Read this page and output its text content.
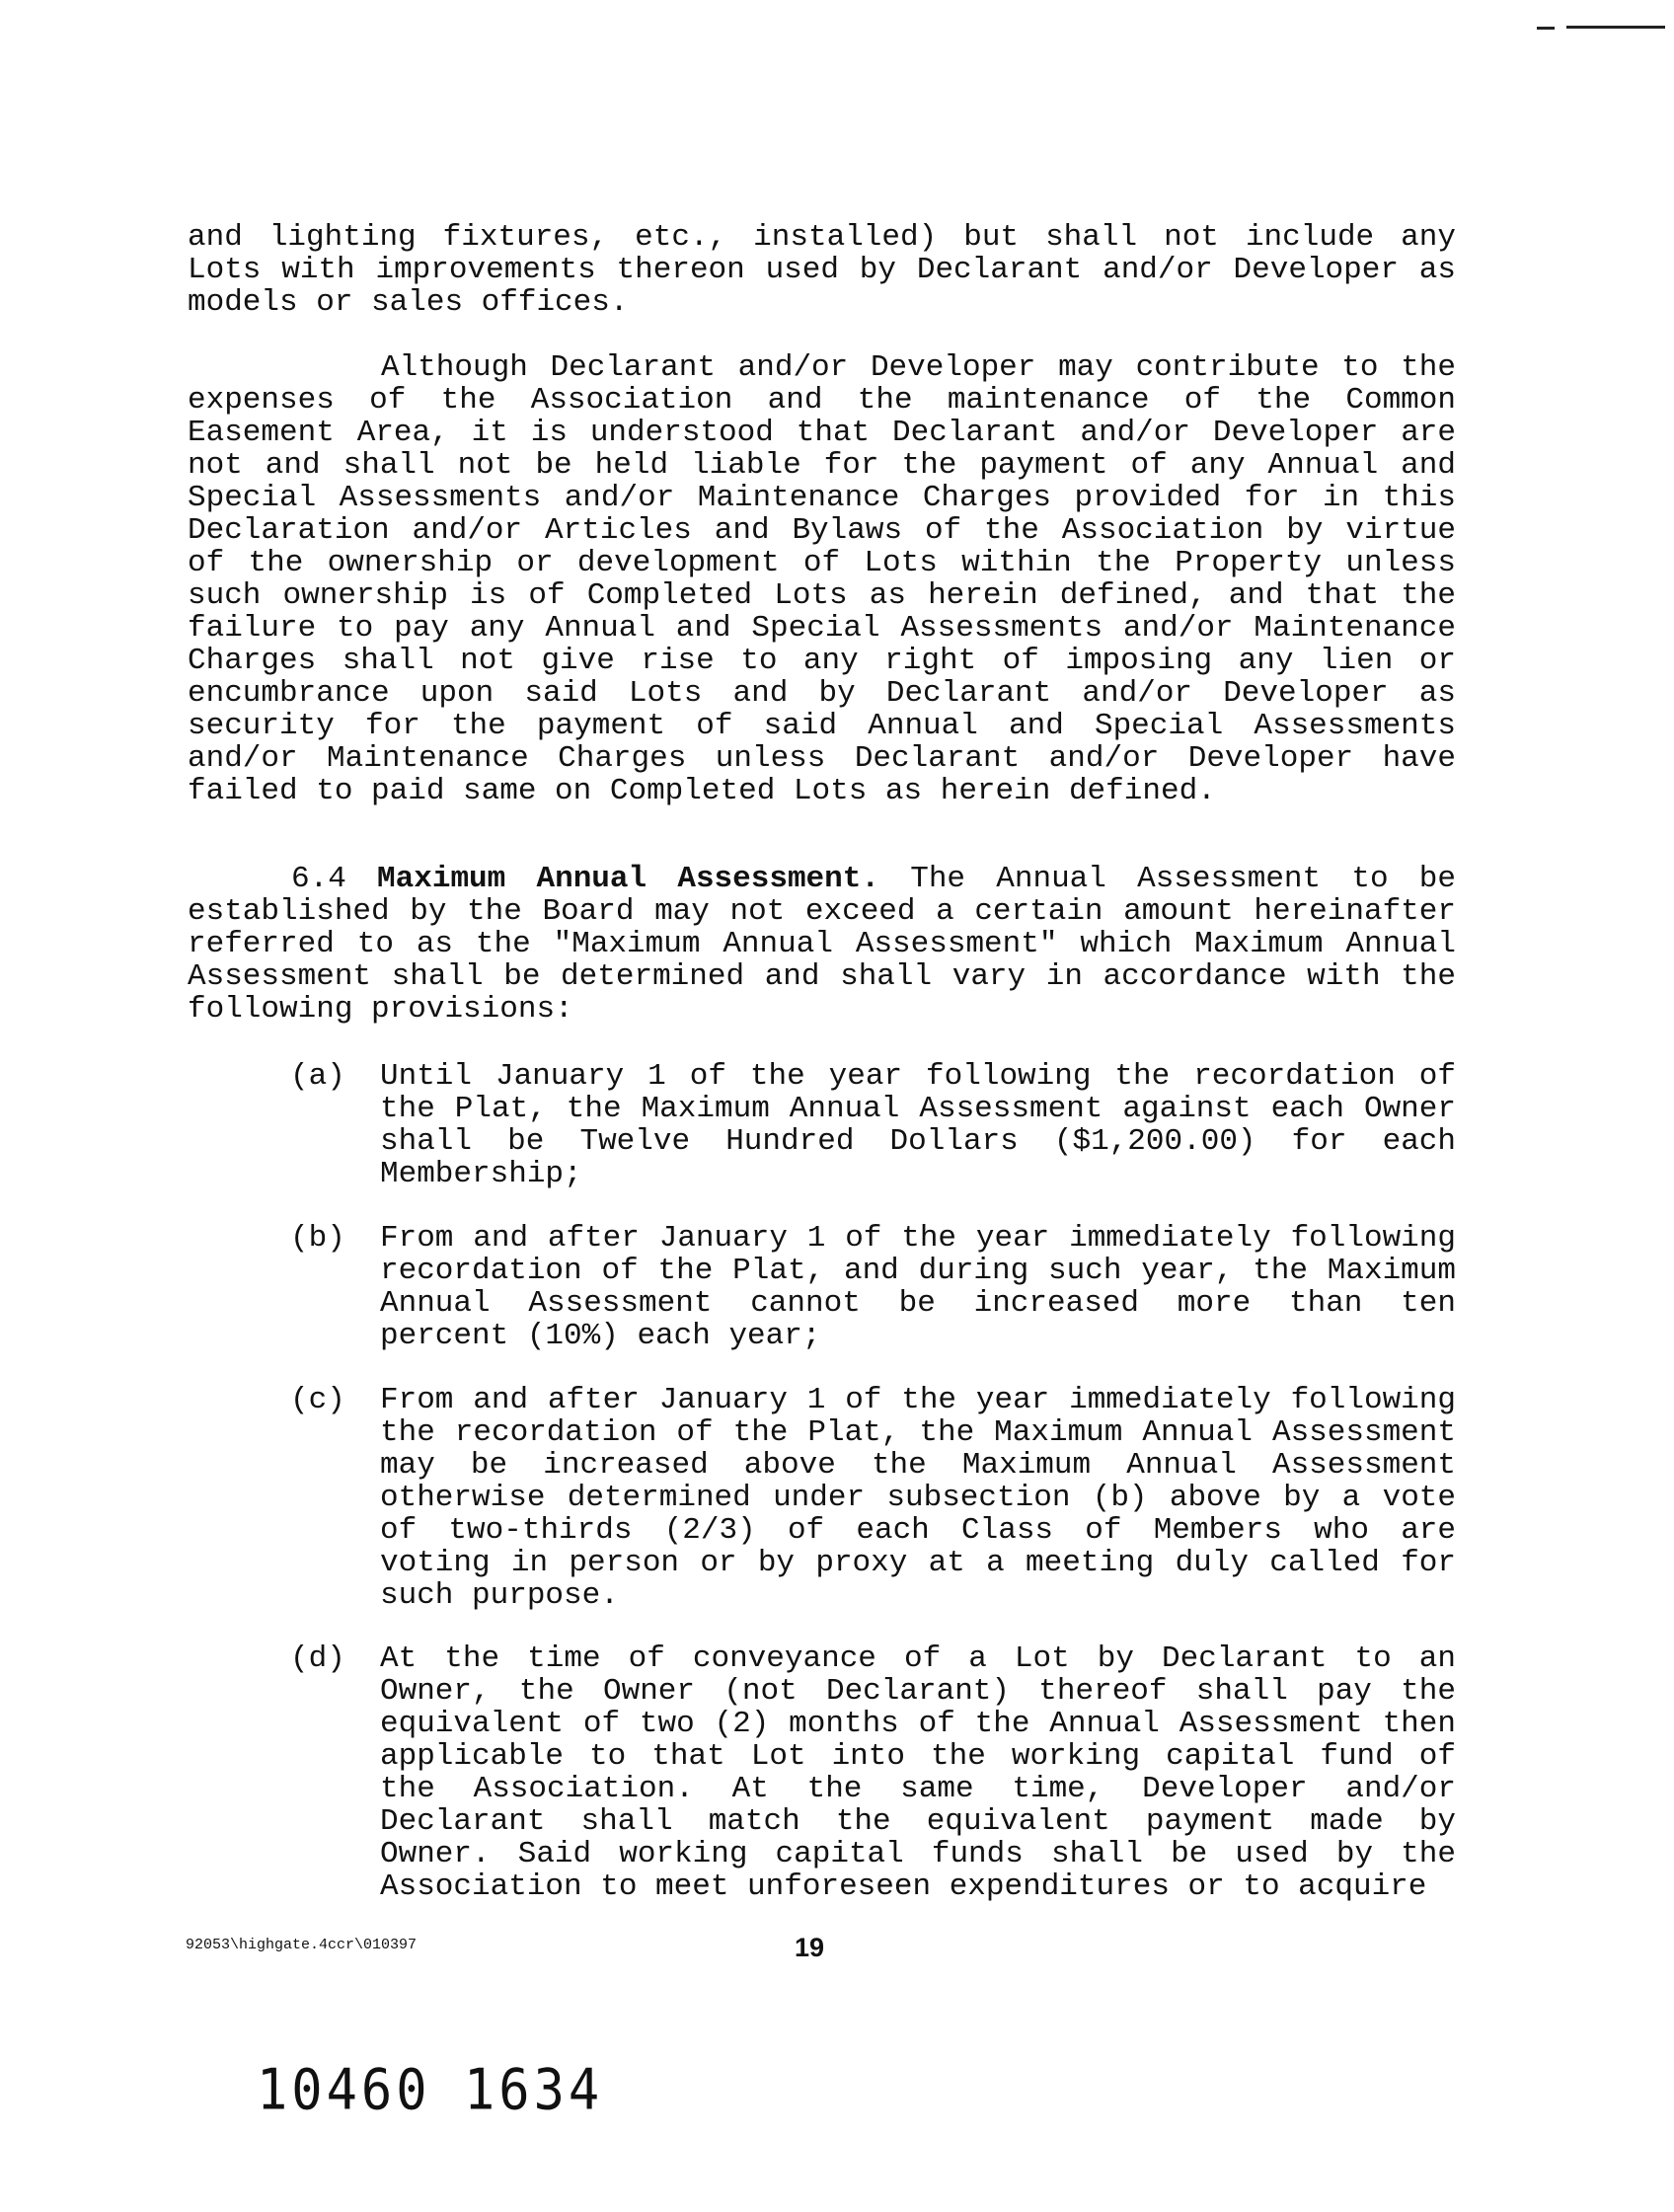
and lighting fixtures, etc., installed) but shall not include any Lots with improvements thereon used by Declarant and/or Developer as models or sales offices.

Although Declarant and/or Developer may contribute to the expenses of the Association and the maintenance of the Common Easement Area, it is understood that Declarant and/or Developer are not and shall not be held liable for the payment of any Annual and Special Assessments and/or Maintenance Charges provided for in this Declaration and/or Articles and Bylaws of the Association by virtue of the ownership or development of Lots within the Property unless such ownership is of Completed Lots as herein defined, and that the failure to pay any Annual and Special Assessments and/or Maintenance Charges shall not give rise to any right of imposing any lien or encumbrance upon said Lots and by Declarant and/or Developer as security for the payment of said Annual and Special Assessments and/or Maintenance Charges unless Declarant and/or Developer have failed to paid same on Completed Lots as herein defined.

6.4 Maximum Annual Assessment. The Annual Assessment to be established by the Board may not exceed a certain amount hereinafter referred to as the "Maximum Annual Assessment" which Maximum Annual Assessment shall be determined and shall vary in accordance with the following provisions:

(a) Until January 1 of the year following the recordation of the Plat, the Maximum Annual Assessment against each Owner shall be Twelve Hundred Dollars ($1,200.00) for each Membership;

(b) From and after January 1 of the year immediately following recordation of the Plat, and during such year, the Maximum Annual Assessment cannot be increased more than ten percent (10%) each year;

(c) From and after January 1 of the year immediately following the recordation of the Plat, the Maximum Annual Assessment may be increased above the Maximum Annual Assessment otherwise determined under subsection (b) above by a vote of two-thirds (2/3) of each Class of Members who are voting in person or by proxy at a meeting duly called for such purpose.

(d) At the time of conveyance of a Lot by Declarant to an Owner, the Owner (not Declarant) thereof shall pay the equivalent of two (2) months of the Annual Assessment then applicable to that Lot into the working capital fund of the Association. At the same time, Developer and/or Declarant shall match the equivalent payment made by Owner. Said working capital funds shall be used by the Association to meet unforeseen expenditures or to acquire

92053\highgate.4ccr\010397	19
10460 1634
